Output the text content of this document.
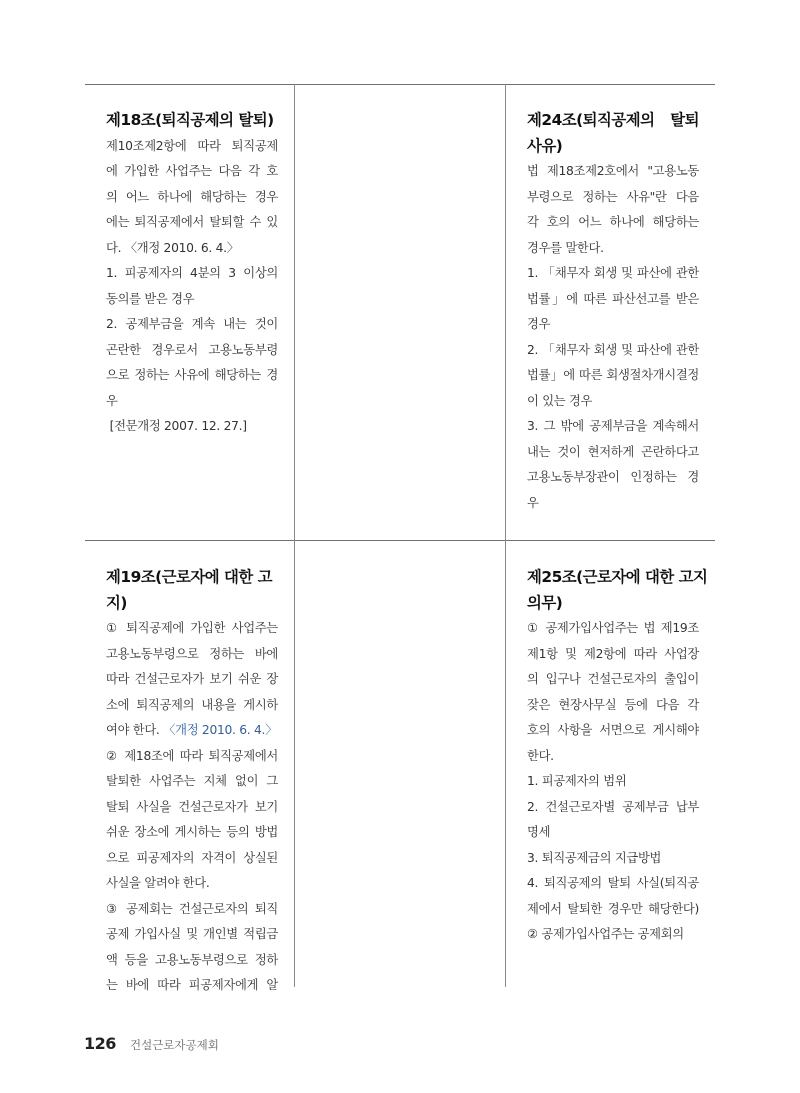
제18조(퇴직공제의 탈퇴)
제10조제2항에 따라 퇴직공제
에 가입한 사업주는 다음 각 호
의 어느 하나에 해당하는 경우
에는 퇴직공제에서 탈퇴할 수 있
다. 〈개정 2010. 6. 4.〉
1. 피공제자의 4분의 3 이상의
동의를 받은 경우
2. 공제부금을 계속 내는 것이
곤란한 경우로서 고용노동부령
으로 정하는 사유에 해당하는 경
우
[전문개정 2007. 12. 27.]
제24조(퇴직공제의 탈퇴
사유)
법 제18조제2호에서 "고용노동
부령으로 정하는 사유"란 다음
각 호의 어느 하나에 해당하는
경우를 말한다.
1. 「채무자 회생 및 파산에 관한
법률」에 따른 파산선고를 받은
경우
2. 「채무자 회생 및 파산에 관한
법률」에 따른 회생절차개시결정
이 있는 경우
3. 그 밖에 공제부금을 계속해서
내는 것이 현저하게 곤란하다고
고용노동부장관이 인정하는 경
우
제19조(근로자에 대한 고지)
① 퇴직공제에 가입한 사업주는
고용노동부령으로 정하는 바에
따라 건설근로자가 보기 쉬운 장
소에 퇴직공제의 내용을 게시하
여야 한다. 〈개정 2010. 6. 4.〉
② 제18조에 따라 퇴직공제에서
탈퇴한 사업주는 지체 없이 그
탈퇴 사실을 건설근로자가 보기
쉬운 장소에 게시하는 등의 방법
으로 피공제자의 자격이 상실된
사실을 알려야 한다.
③ 공제회는 건설근로자의 퇴직
공제 가입사실 및 개인별 적립금
액 등을 고용노동부령으로 정하
는 바에 따라 피공제자에게 알
제25조(근로자에 대한 고지
의무)
① 공제가입사업주는 법 제19조
제1항 및 제2항에 따라 사업장
의 입구나 건설근로자의 출입이
잦은 현장사무실 등에 다음 각
호의 사항을 서면으로 게시해야
한다.
1. 피공제자의 범위
2. 건설근로자별 공제부금 납부
명세
3. 퇴직공제금의 지급방법
4. 퇴직공제의 탈퇴 사실(퇴직공
제에서 탈퇴한 경우만 해당한다)
② 공제가입사업주는 공제회의
126 건설근로자공제회
